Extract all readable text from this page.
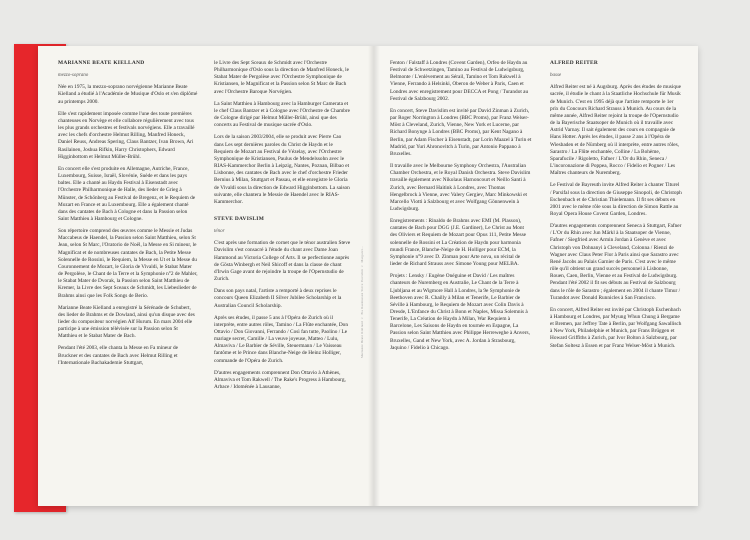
MARIANNE BEATE KIELLAND

mezzo-soprano

Née en 1975, la mezzo-soprano norvégienne Marianne Beate Kielland a étudié à l'Académie de Musique d'Oslo et s'en diplômé au printemps 2000.

Elle s'est rapidement imposée comme l'une des toute premières chanteuses en Norvège et elle collabore régulièrement avec tous les plus grands orchestres et festivals norvégiens. Elle a travaillé avec les chefs d'orchestre Helmut Rilling, Manfred Honeck, Daniel Reuss, Andreas Spering, Claus Bantzer, Ivan Brown, Ari Rasilainen, Joshua Rifkin, Harry Christophers, Edward Higginbottom et Helmut Müller-Brühl.

En concert elle s'est produite en Allemagne, Autriche, France, Luxembourg, Suisse, Israël, Slovénie, Suède et dans les pays baltes. Elle a chanté au Haydn Festival à Eisenstadt avec l'Orchestre Philharmonique de Halle, des lieder de Grieg à Münster, de Schönberg au Festival de Bregenz, et le Requiem de Mozart en France et au Luxembourg. Elle a également chanté dans des cantates de Bach à Cologne et dans la Passion selon Saint Matthieu à Hambourg et Cologne.

Son répertoire comprend des œuvres comme le Messie et Judas Maccabeus de Haendel, la Passion selon Saint Matthieu, selon St Jean, selon St Marc, l'Oratorio de Noël, la Messe en Si mineur, le Magnificat et de nombreuses cantates de Bach, la Petite Messe Solennelle de Rossini, le Requiem, la Messe en Ut et la Messe du Couronnement de Mozart, le Gloria de Vivaldi, le Stabat Mater de Pergolèse, le Chant de la Terre et la Symphonie n°2 de Mahler, le Stabat Mater de Dvorak, la Passion selon Saint Matthieu de Kremer, la Livre des Sept Sceaux de Schmidt, les Liebeslieder de Brahms ainsi que les Folk Songs de Berio.

Marianne Beate Kielland a enregistré la Sérénade de Schubert, des lieder de Brahms et de Dowland, ainsi qu'un disque avec des lieder du compositeur norvégien Alf Hurum. En mars 2004 elle participe à une émission télévisée sur la Passion selon St Matthieu et le Stabat Mater de Bach.

Pendant l'été 2003, elle chanta la Messe en Fa mineur de Bruckner et des cantates de Bach avec Helmut Rilling et l'Internationale Bachakademie Stuttgart,

le Livre des Sept Sceaux de Schmidt avec l'Orchestre Philharmonique d'Oslo sous la direction de Manfred Honeck, le Stabat Mater de Pergolèse avec l'Orchestre Symphonique de Kristiansen, le Magnificat et la Passion selon St Marc de Bach avec l'Orchestre Baroque Norvégien.

La Saint Matthieu à Hambourg avec la Hamburger Camerata et le chef Claus Bantzer et à Cologne avec l'Orchestre de Chambre de Cologne dirigé par Helmut Müller-Brühl, ainsi que des concerts au Festival de musique sacrée d'Oslo.

Lors de la saison 2003/2004, elle se produit avec Pierre Cao dans Les sept dernières paroles du Christ de Haydn et le Requiem de Mozart au Festival de Vézelay, avec l'Orchestre Symphonique de Kristiansen, Paulus de Mendelssohn avec le RIAS-Kammerchor Berlin à Leipzig, Nantes, Poznan, Bilbao et Lisbonne, des cantates de Bach avec le chef d'orchestre Frieder Bernius à Milan, Stuttgart et Passau, et elle enregistre le Gloria de Vivaldi sous la direction de Edward Higginbottom. La saison suivante, elle chantera le Messie de Haendel avec le RIAS-Kammerchor.

STEVE DAVISLIM

ténor

C'est après une formation de cornet que le ténor australien Steve Davislim s'est consacré à l'étude du chant avec Dame Joan Hammond au Victoria College of Arts. Il se perfectionne auprès de Gösta Winbergh et Neil Shicoff et dans la classe de chant d'Irwin Gage avant de rejoindre la troupe de l'Opernstudio de Zurich.

Dans son pays natal, l'artiste a remporté à deux reprises le concours Queen Elizabeth II Silver Jubilee Scholarship et la Australian Council Scholarship.

Après ses études, il passe 5 ans à l'Opéra de Zurich où il interprète, entre autres rôles, Tamino / La Flûte enchantée, Don Ottavio / Don Giovanni, Ferrando / Così fan tutte, Paolino / Le mariage secret, Camille / La veuve joyeuse, Matteo / Lulu, Almaviva / Le Barbier de Séville, Steuermann / Le Vaisseau fantôme et le Prince dans Blanche-Neige de Heinz Holliger, commande de l'Opéra de Zurich.

D'autres engagements comprennent Don Ottavio à Athènes, Almaviva et Tom Rakwell / The Rake's Progress à Hambourg, Arbace / Idoménée à Lausanne,

Marianne Beate Kielland © Pia Rasmussen Steve Davislim © Margaret...

Fenton / Falstaff à Londres (Covent Garden), Orfeo de Haydn au Festival de Schwetzingen, Tamino au Festival de Ludwigsburg, Belmonte / L'enlèvement au Sérail, Tamino et Tom Rakwell à Vienne, Ferrando à Helsinki, Oberon de Weber à Paris, Caen et Londres avec enregistrement pour DECCA et Pong / Turandot au Festival de Salzbourg 2002.

En concert, Steve Davislim est invité par David Zinman à Zurich, par Roger Norrington à Londres (BBC Proms), par Franz Welser-Möst à Cleveland, Zurich, Vienne, New York et Lucerne, par Richard Bonynge à Londres (BBC Proms), par Kent Nagano à Berlin, par Adam Fischer à Eisenstadt, par Lorin Maazel à Turin et Madrid, par Yuri Ahronovitch à Turin, par Antonio Pappano à Bruxelles.

Il travaille avec le Melbourne Symphony Orchestra, l'Australian Chamber Orchestra, et le Royal Danish Orchestra. Steve Davislim travaille également avec Nikolaus Harnoncourt et Neillo Santi à Zurich, avec Bernard Haitink à Londres, avec Thomas Hengelbrock à Vienne, avec Valery Gergiev, Marc Minkowski et Marcello Viotti à Salzbourg et avec Wolfgang Gönnenwein à Ludwigsburg.

Enregistrements : Rinaldo de Brahms avec EMI (M. Plasson), cantates de Bach pour DGG (J.E. Gardiner), Le Christ au Mont des Oliviers et Requiem de Mozart pour Opus 111, Petite Messe solennelle de Rossini et La Création de Haydn pour harmonia mundi France, Blanche-Neige de H. Holliger pour ECM, la Symphonie n°9 avec D. Zinman pour Arte nova, un récital de lieder de Richard Strauss avec Simone Young pour MELBA.

Projets : Lensky / Eugène Onéguine et David / Les maîtres chanteurs de Nuremberg en Australie, Le Chant de la Terre à Ljubljana et au Wigmore Hall à Londres, la 9e Symphonie de Beethoven avec R. Chailly à Milan et Tenerife, Le Barbier de Séville à Hambourg, le Requiem de Mozart avec Colin Davis à Dresde, L'Enfance du Christ à Bonn et Naples, Missa Solemnis à Tenerife, La Création de Haydn à Milan, War Requiem à Barcelone, Les Saisons de Haydn en tournée en Espagne, La Passion selon Saint Matthieu avec Philippe Herreweghe à Anvers, Bruxelles, Gand et New York, avec A. Jordan à Strasbourg, Jaquino / Fidelio à Chicago.

ALFRED REITER

basse

Alfred Reiter est né à Augsburg. Après des études de musique sacrée, il étudie le chant à la Staatliche Hochschule für Musik de Munich. C'est en 1995 déjà que l'artiste remporte le 1er prix du Concours Richard Strauss à Munich. Au cours de la même année, Alfred Reiter rejoint la troupe de l'Opernstudio de la Bayerische Staatsoper de Munich où il travaille avec Astrid Varnay. Il sait également des cours en compagnie de Hans Hotter. Après les études, il passe 2 ans à l'Opéra de Wiesbaden et de Nürnberg où il interprète, entre autres rôles, Sarastro / La Flûte enchantée, Colline / La Bohème, Sparafucile / Rigoletto, Fafner / L'Or du Rhin, Seneca / L'incoronazione di Poppea, Rocco / Fidelio et Pogner / Les Maîtres chanteurs de Nuremberg.

Le Festival de Bayreuth invite Alfred Reiter à chanter Titurel / Parsifal sous la direction de Giuseppe Sinopoli, de Christoph Eschenbach et de Christian Thielemann. Il fit ses débuts en 2001 avec le même rôle sous la direction de Simon Rattle au Royal Opera House Covent Garden, Londres.

D'autres engagements comprennent Seneca à Stuttgart, Fafner / L'Or du Rhin avec Jun Märkl à la Staatsoper de Vienne, Fafner / Siegfried avec Armin Jordan à Genève et avec Christoph von Dohnanyi à Cleveland, Colonna / Rienzi de Wagner avec Claus Peter Flor à Paris ainsi que Sarastro avec René Jacobs au Palais Garnier de Paris. C'est avec le même rôle qu'il obtient un grand succès personnel à Lisbonne, Rouen, Caen, Berlin, Vienne et au Festival de Ludwigsburg. Pendant l'été 2002 il fit ses débuts au Festival de Salzbourg dans le rôle de Sarastro ; également en 2004 il chante Timur / Turandot avec Donald Runnicles à San Francisco.

En concert, Alfred Reiter est invité par Christoph Eschenbach à Hambourg et Londres, par Myung Whun Chung à Bergame et Bremen, par Jeffrey Tate à Berlin, par Wolfgang Sawallisch à New York, Philadelphie et Munich, par Frans Brüggen et Howard Griffiths à Zurich, par Ivor Bolton à Salzbourg, par Stefan Soltesz à Essen et par Franz Welser-Möst à Munich.
